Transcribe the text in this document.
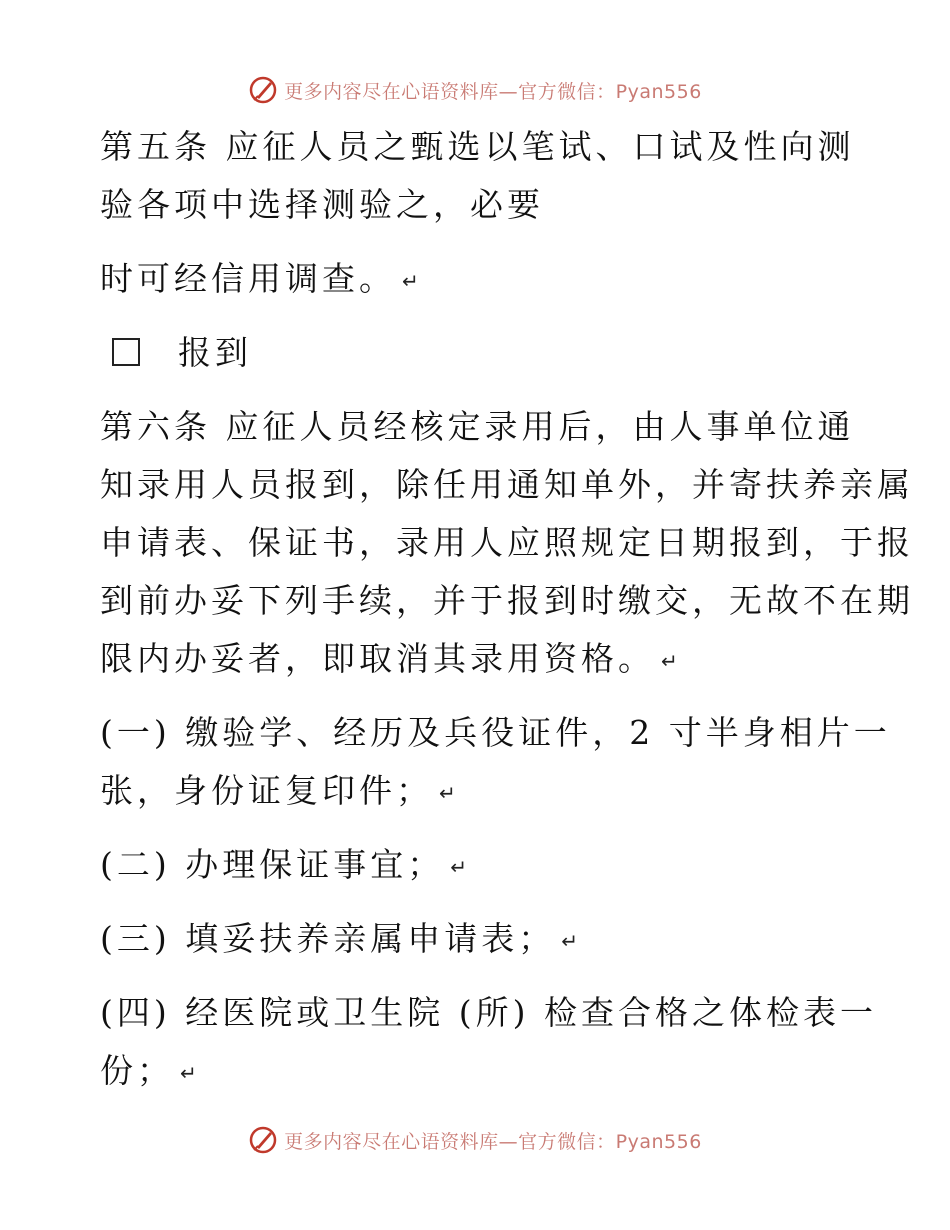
更多内容尽在心语资料库—官方微信：Pyan556
第五条 应征人员之甄选以笔试、口试及性向测
验各项中选择测验之，必要
时可经信用调查。 ↵
报到
第六条 应征人员经核定录用后，由人事单位通
知录用人员报到，除任用通知单外，并寄扶养亲属
申请表、保证书，录用人应照规定日期报到，于报
到前办妥下列手续，并于报到时缴交，无故不在期
限内办妥者，即取消其录用资格。 ↵
(一) 缴验学、经历及兵役证件，2 寸半身相片一
张，身份证复印件； ↵
(二) 办理保证事宜； ↵
(三) 填妥扶养亲属申请表； ↵
(四) 经医院或卫生院 (所) 检查合格之体检表一
份； ↵
更多内容尽在心语资料库—官方微信：Pyan556
